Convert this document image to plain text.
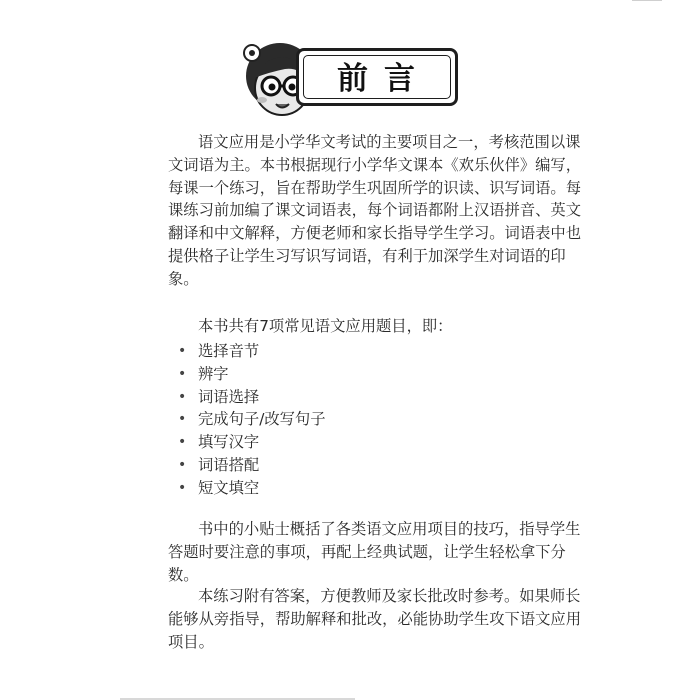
前言
语文应用是小学华文考试的主要项目之一，考核范围以课
文词语为主。本书根据现行小学华文课本《欢乐伙伴》编写，
每课一个练习，旨在帮助学生巩固所学的识读、识写词语。每
课练习前加编了课文词语表，每个词语都附上汉语拼音、英文
翻译和中文解释，方便老师和家长指导学生学习。词语表中也
提供格子让学生习写识写词语，有利于加深学生对词语的印
象。
本书共有7项常见语文应用题目，即：
• 选择音节
• 辨字
• 词语选择
• 完成句子/改写句子
• 填写汉字
• 词语搭配
• 短文填空
书中的小贴士概括了各类语文应用项目的技巧，指导学生
答题时要注意的事项，再配上经典试题，让学生轻松拿下分
数。
本练习附有答案，方便教师及家长批改时参考。如果师长
能够从旁指导，帮助解释和批改，必能协助学生攻下语文应用
项目。
